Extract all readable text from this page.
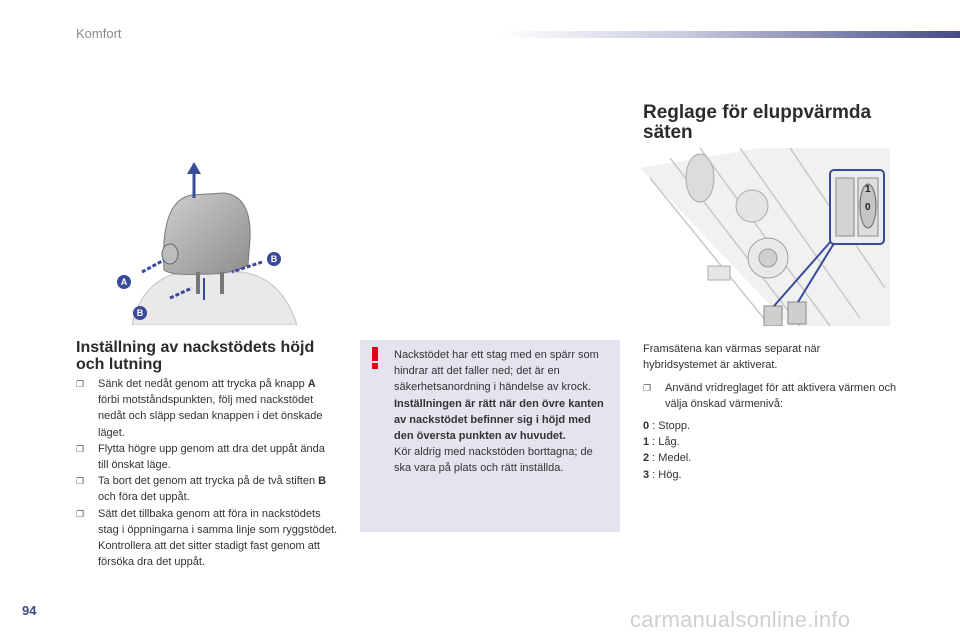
Komfort
A
B
B
1
0
Inställning av nackstödets höjd och lutning
❐ Sänk det nedåt genom att trycka på knapp A förbi motståndspunkten, följ med nackstödet nedåt och släpp sedan knappen i det önskade läget.
❐ Flytta högre upp genom att dra det uppåt ända till önskat läge.
❐ Ta bort det genom att trycka på de två stiften B och föra det uppåt.
❐ Sätt det tillbaka genom att föra in nackstödets stag i öppningarna i samma linje som ryggstödet. Kontrollera att det sitter stadigt fast genom att försöka dra det uppåt.

Nackstödet har ett stag med en spärr som hindrar att det faller ned; det är en säkerhetsanordning i händelse av krock.

Inställningen är rätt när den övre kanten av nackstödet befinner sig i höjd med den översta punkten av huvudet.

Kör aldrig med nackstöden borttagna; de ska vara på plats och rätt inställda.

Reglage för eluppvärmda säten
Framsätena kan värmas separat när hybridsystemet är aktiverat.
❐ Använd vridreglaget för att aktivera värmen och välja önskad värmenivå:
0 : Stopp.
1 : Låg.
2 : Medel.
3 : Hög.
94	carmanualsonline.info
